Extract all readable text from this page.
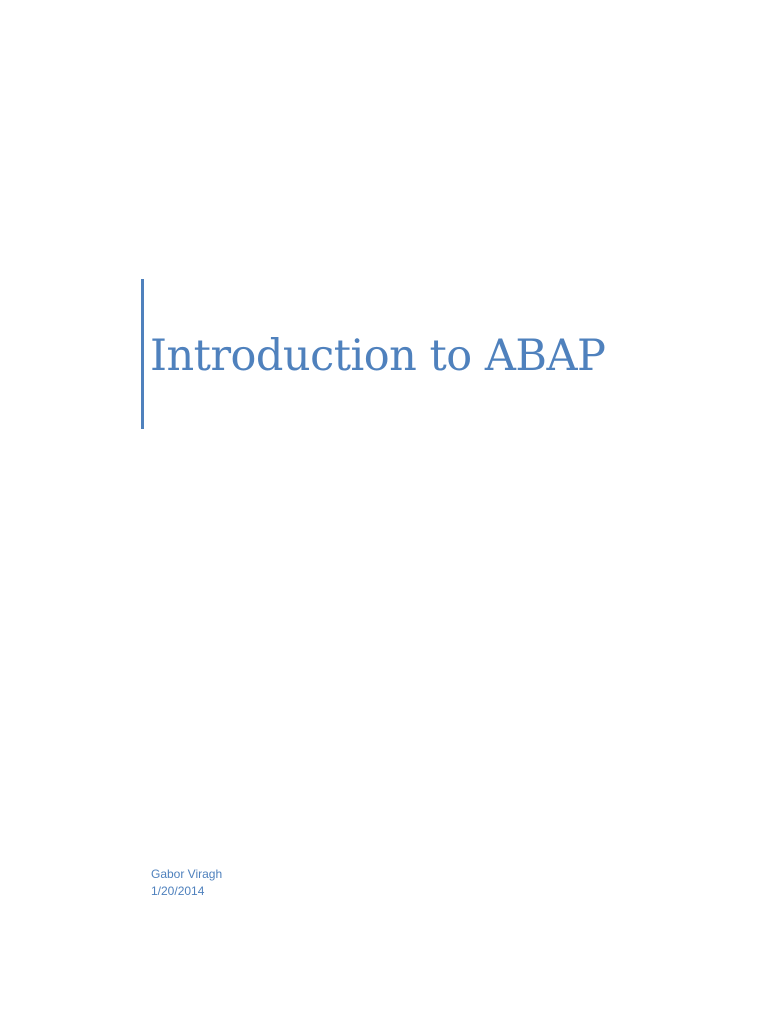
Introduction to ABAP
Gabor Viragh
1/20/2014
